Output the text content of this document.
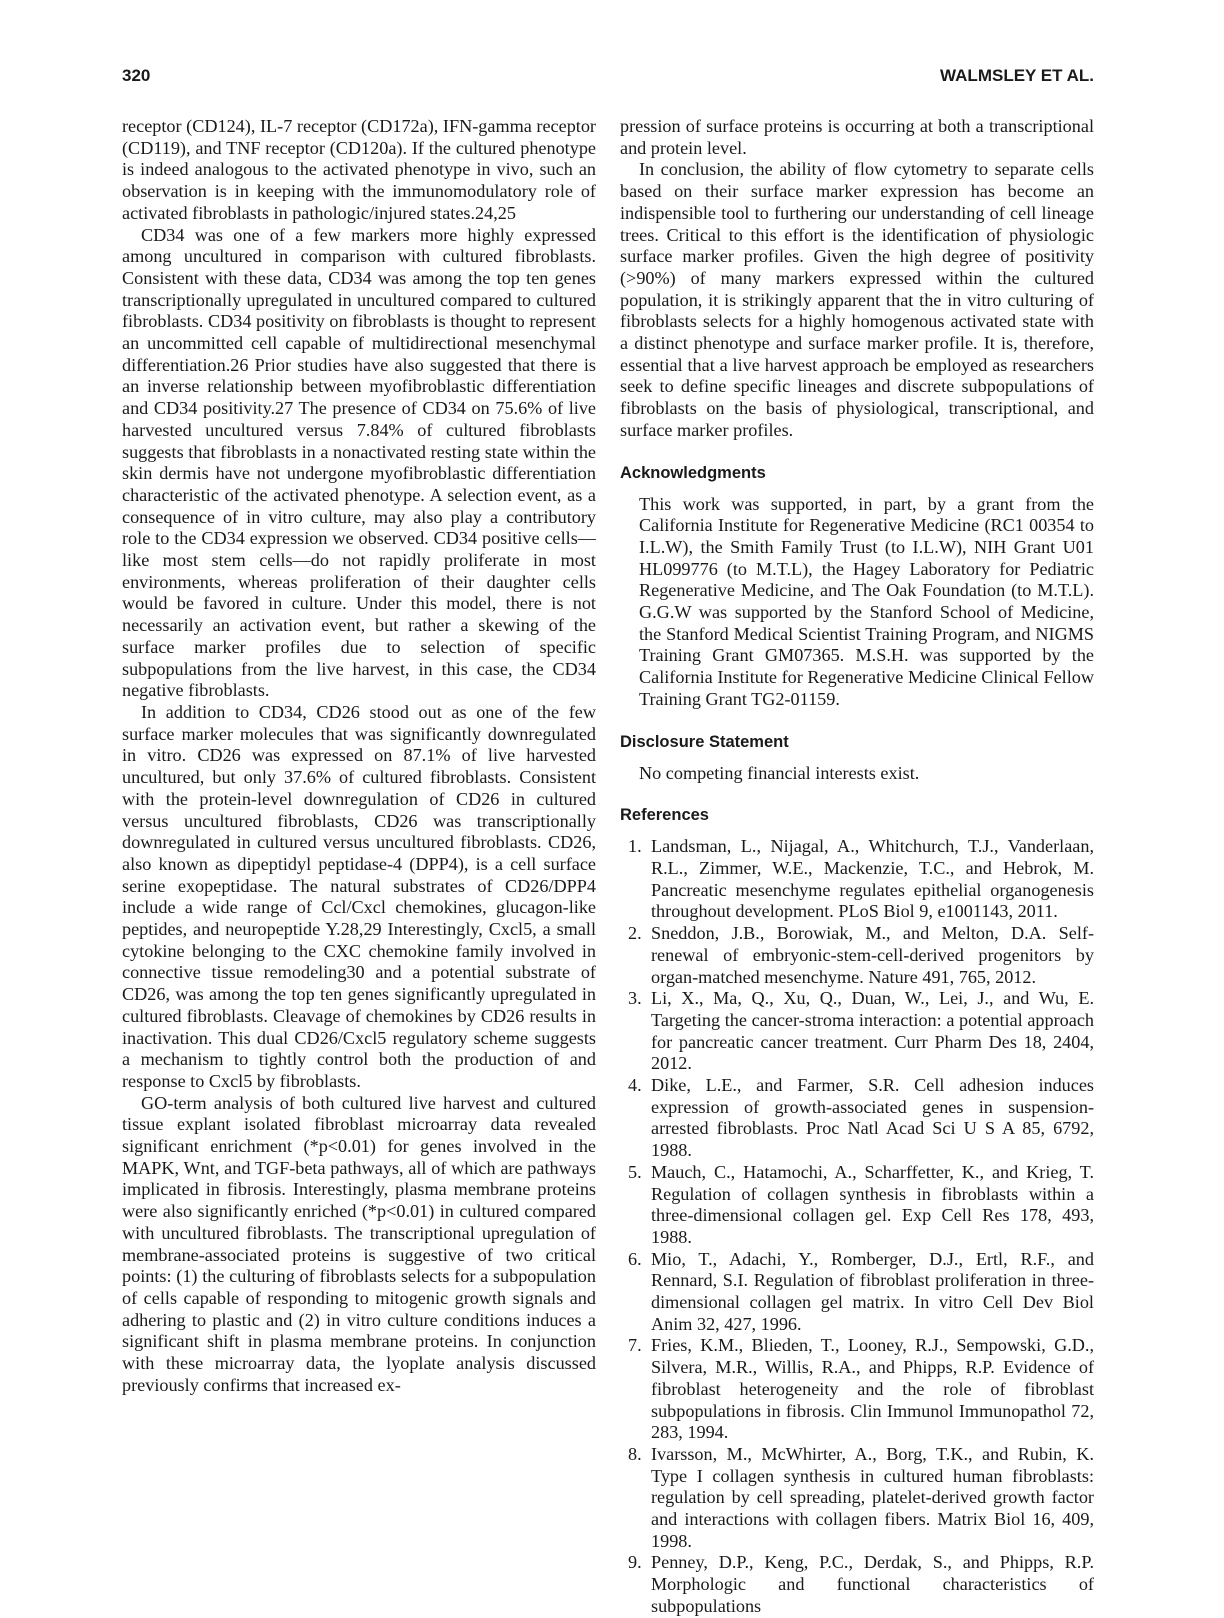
320	WALMSLEY ET AL.

receptor (CD124), IL-7 receptor (CD172a), IFN-gamma receptor (CD119), and TNF receptor (CD120a). If the cultured phenotype is indeed analogous to the activated phenotype in vivo, such an observation is in keeping with the immunomodulatory role of activated fibroblasts in pathologic/injured states.24,25

CD34 was one of a few markers more highly expressed among uncultured in comparison with cultured fibroblasts. Consistent with these data, CD34 was among the top ten genes transcriptionally upregulated in uncultured compared to cultured fibroblasts. CD34 positivity on fibroblasts is thought to represent an uncommitted cell capable of multidirectional mesenchymal differentiation.26 Prior studies have also suggested that there is an inverse relationship between myofibroblastic differentiation and CD34 positivity.27 The presence of CD34 on 75.6% of live harvested uncultured versus 7.84% of cultured fibroblasts suggests that fibroblasts in a nonactivated resting state within the skin dermis have not undergone myofibroblastic differentiation characteristic of the activated phenotype. A selection event, as a consequence of in vitro culture, may also play a contributory role to the CD34 expression we observed. CD34 positive cells—like most stem cells—do not rapidly proliferate in most environments, whereas proliferation of their daughter cells would be favored in culture. Under this model, there is not necessarily an activation event, but rather a skewing of the surface marker profiles due to selection of specific subpopulations from the live harvest, in this case, the CD34 negative fibroblasts.

In addition to CD34, CD26 stood out as one of the few surface marker molecules that was significantly downregulated in vitro. CD26 was expressed on 87.1% of live harvested uncultured, but only 37.6% of cultured fibroblasts. Consistent with the protein-level downregulation of CD26 in cultured versus uncultured fibroblasts, CD26 was transcriptionally downregulated in cultured versus uncultured fibroblasts. CD26, also known as dipeptidyl peptidase-4 (DPP4), is a cell surface serine exopeptidase. The natural substrates of CD26/DPP4 include a wide range of Ccl/Cxcl chemokines, glucagon-like peptides, and neuropeptide Y.28,29 Interestingly, Cxcl5, a small cytokine belonging to the CXC chemokine family involved in connective tissue remodeling30 and a potential substrate of CD26, was among the top ten genes significantly upregulated in cultured fibroblasts. Cleavage of chemokines by CD26 results in inactivation. This dual CD26/Cxcl5 regulatory scheme suggests a mechanism to tightly control both the production of and response to Cxcl5 by fibroblasts.

GO-term analysis of both cultured live harvest and cultured tissue explant isolated fibroblast microarray data revealed significant enrichment (*p<0.01) for genes involved in the MAPK, Wnt, and TGF-beta pathways, all of which are pathways implicated in fibrosis. Interestingly, plasma membrane proteins were also significantly enriched (*p<0.01) in cultured compared with uncultured fibroblasts. The transcriptional upregulation of membrane-associated proteins is suggestive of two critical points: (1) the culturing of fibroblasts selects for a subpopulation of cells capable of responding to mitogenic growth signals and adhering to plastic and (2) in vitro culture conditions induces a significant shift in plasma membrane proteins. In conjunction with these microarray data, the lyoplate analysis discussed previously confirms that increased ex-

pression of surface proteins is occurring at both a transcriptional and protein level.

In conclusion, the ability of flow cytometry to separate cells based on their surface marker expression has become an indispensible tool to furthering our understanding of cell lineage trees. Critical to this effort is the identification of physiologic surface marker profiles. Given the high degree of positivity (>90%) of many markers expressed within the cultured population, it is strikingly apparent that the in vitro culturing of fibroblasts selects for a highly homogenous activated state with a distinct phenotype and surface marker profile. It is, therefore, essential that a live harvest approach be employed as researchers seek to define specific lineages and discrete subpopulations of fibroblasts on the basis of physiological, transcriptional, and surface marker profiles.

Acknowledgments
This work was supported, in part, by a grant from the California Institute for Regenerative Medicine (RC1 00354 to I.L.W), the Smith Family Trust (to I.L.W), NIH Grant U01 HL099776 (to M.T.L), the Hagey Laboratory for Pediatric Regenerative Medicine, and The Oak Foundation (to M.T.L). G.G.W was supported by the Stanford School of Medicine, the Stanford Medical Scientist Training Program, and NIGMS Training Grant GM07365. M.S.H. was supported by the California Institute for Regenerative Medicine Clinical Fellow Training Grant TG2-01159.
Disclosure Statement
No competing financial interests exist.
References
1. Landsman, L., Nijagal, A., Whitchurch, T.J., Vanderlaan, R.L., Zimmer, W.E., Mackenzie, T.C., and Hebrok, M. Pancreatic mesenchyme regulates epithelial organogenesis throughout development. PLoS Biol 9, e1001143, 2011.
2. Sneddon, J.B., Borowiak, M., and Melton, D.A. Self-renewal of embryonic-stem-cell-derived progenitors by organ-matched mesenchyme. Nature 491, 765, 2012.
3. Li, X., Ma, Q., Xu, Q., Duan, W., Lei, J., and Wu, E. Targeting the cancer-stroma interaction: a potential approach for pancreatic cancer treatment. Curr Pharm Des 18, 2404, 2012.
4. Dike, L.E., and Farmer, S.R. Cell adhesion induces expression of growth-associated genes in suspension-arrested fibroblasts. Proc Natl Acad Sci U S A 85, 6792, 1988.
5. Mauch, C., Hatamochi, A., Scharffetter, K., and Krieg, T. Regulation of collagen synthesis in fibroblasts within a three-dimensional collagen gel. Exp Cell Res 178, 493, 1988.
6. Mio, T., Adachi, Y., Romberger, D.J., Ertl, R.F., and Rennard, S.I. Regulation of fibroblast proliferation in three-dimensional collagen gel matrix. In vitro Cell Dev Biol Anim 32, 427, 1996.
7. Fries, K.M., Blieden, T., Looney, R.J., Sempowski, G.D., Silvera, M.R., Willis, R.A., and Phipps, R.P. Evidence of fibroblast heterogeneity and the role of fibroblast subpopulations in fibrosis. Clin Immunol Immunopathol 72, 283, 1994.
8. Ivarsson, M., McWhirter, A., Borg, T.K., and Rubin, K. Type I collagen synthesis in cultured human fibroblasts: regulation by cell spreading, platelet-derived growth factor and interactions with collagen fibers. Matrix Biol 16, 409, 1998.
9. Penney, D.P., Keng, P.C., Derdak, S., and Phipps, R.P. Morphologic and functional characteristics of subpopulations
